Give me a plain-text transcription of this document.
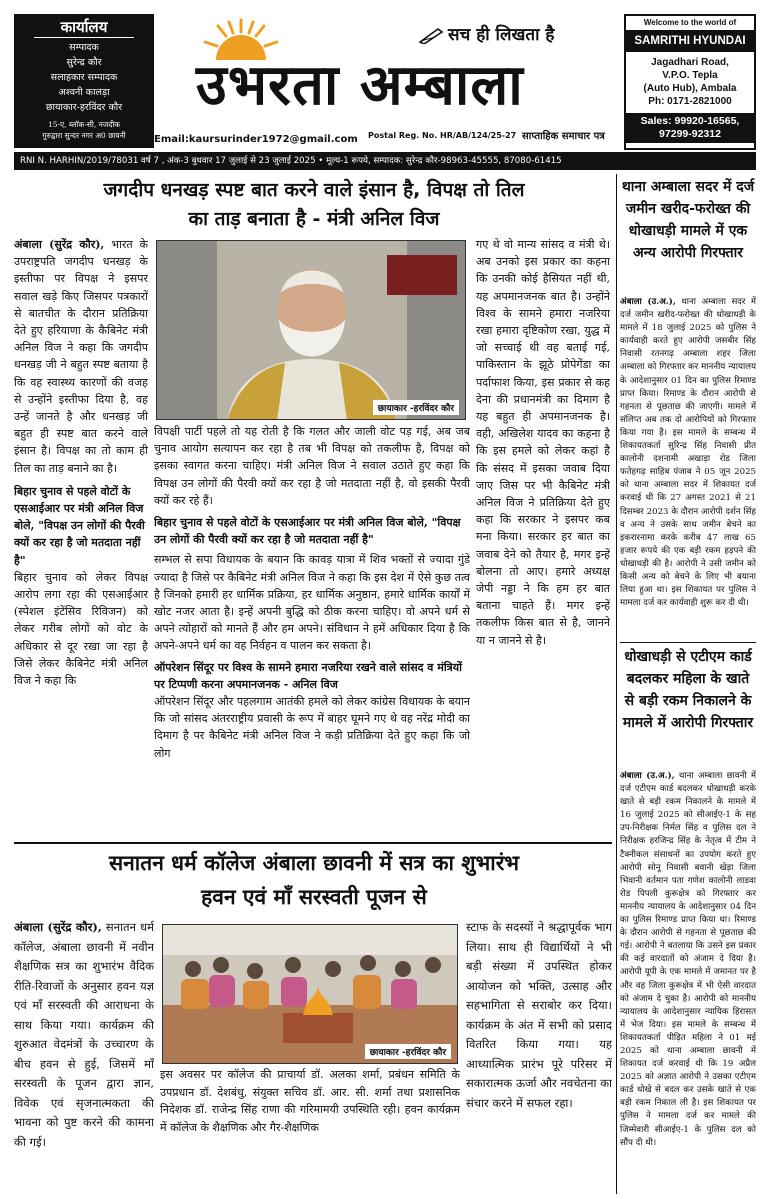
कार्यालय
सम्पादक
सुरेन्द्र कौर
सलाहकार सम्पादक
अश्वनी कालड़ा
छायाकार-हरविंदर कौर
15-ए, ब्लॉक-सी, नजदीक
गुरुद्वारा सुन्दर नगर अ0 छावनी
सच ही लिखता है
उभरता अम्बाला
Email:kaursurinder1972@gmail.com Postal Reg. No. HR/AB/124/25-27 साप्ताहिक समाचार पत्र
Welcome to the world of
SAMRITHI HYUNDAI
Jagadhari Road,
V.P.O. Tepla
(Auto Hub), Ambala
Ph: 0171-2821000
Sales: 99920-16565,
97299-92312
RNI N. HARHIN/2019/78031 वर्ष 7 , अंक-3 बुधवार 17 जुलाई से 23 जुलाई 2025 • मूल्य-1 रूपये, सम्पादक: सुरेन्द्र कौर-98963-45555, 87080-61415
जगदीप धनखड़ स्पष्ट बात करने वाले इंसान है, विपक्ष तो तिल
का ताड़ बनाता है - मंत्री अनिल विज
अंबाला (सुरेंद्र कौर), भारत के उपराष्ट्रपति जगदीप धनखड़ के इस्तीफा पर विपक्ष ने इसपर सवाल खड़े किए जिसपर पत्रकारों से बातचीत के दौरान प्रतिक्रिया देते हुए हरियाणा के कैबिनेट मंत्री अनिल विज ने कहा कि जगदीप धनखड़ जी ने बहुत स्पष्ट बताया है कि वह स्वास्थ्य कारणों की वजह से उन्होंने इस्तीफा दिया है, वह उन्हें जानते है और धनखड़ जी बहुत ही स्पष्ट बात करने वाले इंसान है। विपक्ष का तो काम ही तिल का ताड़ बनाने का है।
बिहार चुनाव से पहले वोटों के एसआईआर पर मंत्री अनिल विज बोले, "विपक्ष उन लोगों की पैरवी क्यों कर रहा है जो मतदाता नहीं है"
बिहार चुनाव को लेकर विपक्ष आरोप लगा रहा की एसआईआर (स्पेशल इंटेंसिव रिविजन) को लेकर गरीब लोगों को वोट के अधिकार से दूर रखा जा रहा है जिसे लेकर कैबिनेट मंत्री अनिल विज ने कहा कि
छायाकार -हरविंदर कौर
विपक्षी पार्टी पहले तो यह रोती है कि गलत और जाली वोट पड़ गई, अब जब चुनाव आयोग सत्यापन कर रहा है तब भी विपक्ष को तकलीफ है, विपक्ष को इसका स्वागत करना चाहिए। मंत्री अनिल विज ने सवाल उठाते हुए कहा कि विपक्ष उन लोगों की पैरवी क्यों कर रहा है जो मतदाता नहीं है, वो इसकी पैरवी क्यों कर रहे हैं।
बिहार चुनाव से पहले वोटों के एसआईआर पर मंत्री अनिल विज बोले, "विपक्ष उन लोगों की पैरवी क्यों कर रहा है जो मतदाता नहीं है"
सम्भल से सपा विधायक के बयान कि कावड़ यात्रा में शिव भक्तों से ज्यादा गुंडे ज्यादा है जिसे पर कैबिनेट मंत्री अनिल विज ने कहा कि इस देश में ऐसे कुछ तत्व है जिनको हमारी हर धार्मिक प्रक्रिया, हर धार्मिक अनुष्ठान, हमारे धार्मिक कार्यों में खोट नजर आता है। इन्हें अपनी बुद्धि को ठीक करना चाहिए। वो अपने धर्म से अपने त्योहारों को मानते हैं और हम अपने। संविधान ने हमें अधिकार दिया है कि अपने-अपने धर्म का वह निर्वहन व पालन कर सकता है।
ऑपरेशन सिंदूर पर विश्व के सामने हमारा नजरिया रखने वाले सांसद व मंत्रियों पर टिप्पणी करना अपमानजनक - अनिल विज
ऑपरेशन सिंदूर और पहलगाम आतंकी हमले को लेकर कांग्रेस विधायक के बयान कि जो सांसद अंतरराष्ट्रीय प्रवासी के रूप में बाहर घूमने गए थे वह नरेंद्र मोदी का दिमाग है पर कैबिनेट मंत्री अनिल विज ने कड़ी प्रतिक्रिया देते हुए कहा कि जो लोग
गए थे वो मान्य सांसद व मंत्री थे। अब उनको इस प्रकार का कहना कि उनकी कोई हैसियत नहीं थी, यह अपमानजनक बात है। उन्होंने विश्व के सामने हमारा नजरिया रखा हमारा दृष्टिकोण रखा, युद्ध में जो सच्चाई थी वह बताई गई, पाकिस्तान के झूठे प्रोपेगेंडा का पर्दाफाश किया, इस प्रकार से कह देना की प्रधानमंत्री का दिमाग है यह बहुत ही अपमानजनक है। वही, अखिलेश यादव का कहना है कि इस हमले को लेकर कहां है कि संसद में इसका जवाब दिया जाए जिस पर भी कैबिनेट मंत्री अनिल विज ने प्रतिक्रिया देते हुए कहा कि सरकार ने इसपर कब मना किया। सरकार हर बात का जवाब देने को तैयार है, मगर इन्हें बोलना तो आए। हमारे अध्यक्ष जेपी नड्डा ने कि हम हर बात बताना चाहते हैं। मगर इन्हें तकलीफ किस बात से है, जानने या न जानने से है।
सनातन धर्म कॉलेज अंबाला छावनी में सत्र का शुभारंभ
हवन एवं माँ सरस्वती पूजन से
अंबाला (सुरेंद्र कौर), सनातन धर्म कॉलेज, अंबाला छावनी में नवीन शैक्षणिक सत्र का शुभारंभ वैदिक रीति-रिवाजों के अनुसार हवन यज्ञ एवं माँ सरस्वती की आराधना के साथ किया गया। कार्यक्रम की शुरुआत वेदमंत्रों के उच्चारण के बीच हवन से हुई, जिसमें माँ सरस्वती के पूजन द्वारा ज्ञान, विवेक एवं सृजनात्मकता की भावना को पुष्ट करने की कामना की गई।
छायाकार -हरविंदर कौर
इस अवसर पर कॉलेज की प्राचार्या डॉ. अलका शर्मा, प्रबंधन समिति के उपप्रधान डॉ. देशबंधु, संयुक्त सचिव डॉ. आर. सी. शर्मा तथा प्रशासनिक निदेशक डॉ. राजेन्द्र सिंह राणा की गरिमामयी उपस्थिति रही। हवन कार्यक्रम में कॉलेज के शैक्षणिक और गैर-शैक्षणिक
स्टाफ के सदस्यों ने श्रद्धापूर्वक भाग लिया। साथ ही विद्यार्थियों ने भी बड़ी संख्या में उपस्थित होकर आयोजन को भक्ति, उत्साह और सहभागिता से सराबोर कर दिया। कार्यक्रम के अंत में सभी को प्रसाद वितरित किया गया। यह आध्यात्मिक प्रारंभ पूरे परिसर में सकारात्मक ऊर्जा और नवचेतना का संचार करने में सफल रहा।
थाना अम्बाला सदर में दर्ज जमीन खरीद-फरोख्त की धोखाधड़ी मामले में एक अन्य आरोपी गिरफ्तार
अंबाला (उ.अ.), थाना अम्बाला सदर में दर्ज जमीन खरीद-फरोख्त की धोखाधड़ी के मामले में 18 जुलाई 2025 को पुलिस ने कार्यवाही करते हुए आरोपी जसबीर सिंह निवासी रतनगढ़ अम्बाला शहर जिला अम्बाला को गिरफ्तार कर माननीय न्यायालय के आदेशानुसार 01 दिन का पुलिस रिमाण्ड प्राप्त किया। रिमाण्ड के दौरान आरोपी से गहनता से पूछताछ की जाएगी। मामले में संलिप्त अब तक दो आरोपियों को गिरफ्तार किया गया है। इस मामले के सम्बन्ध में शिकायतकर्ता सुरिन्द्र सिंह निवासी प्रीत कालोनी दशनामी अखाड़ा रोड जिला फतेहगढ़ साहिब पंजाब ने 05 जून 2025 को थाना अम्बाला सदर में शिकायत दर्ज करवाई थी कि 27 अगस्त 2021 से 21 दिसम्बर 2023 के दौरान आरोपी दर्शन सिंह व अन्य ने उसके साथ जमीन बेचने का इकरारनामा करके करीब 47 लाख 65 हजार रूपये की एक बड़ी रकम हड़पने की धोखाधड़ी की है। आरोपी ने उसी जमीन को किसी अन्य को बेचने के लिए भी बयाना लिया हुआ था। इस शिकायत पर पुलिस ने मामला दर्ज कर कार्यवाही शुरू कर दी थी।
धोखाधड़ी से एटीएम कार्ड बदलकर महिला के खाते से बड़ी रकम निकालने के मामले में आरोपी गिरफ्तार
अंबाला (उ.अ.), थाना अम्बाला छावनी में दर्ज एटीएम कार्ड बदलकर धोखाधड़ी करके खाते से बड़ी रकम निकालने के मामले में 16 जुलाई 2025 को सीआईए-1 के सह उप-निरीक्षक निर्मल सिंह व पुलिस दल ने निरीक्षक हरजिन्द्र सिंह के नेतृत्व में टीम ने टैक्नीकल संसाधनों का उपयोग करते हुए आरोपी सोनू निवासी बवानी खेड़ा जिला भिवानी वर्तमान पता गणेश कालोनी लाडवा रोड पिपली कुरूक्षेत्र को गिरफ्तार कर माननीय न्यायालय के आदेशानुसार 04 दिन का पुलिस रिमाण्ड प्राप्त किया था। रिमाण्ड के दौरान आरोपी से गहनता से पूछताछ की गई। आरोपी ने बतलाया कि उसने इस प्रकार की कई वारदातों को अंजाम दे दिया है। आरोपी यूपी के एक मामले में जमानत पर है और वह जिला कुरूक्षेत्र में भी ऐसी वारदात को अंजाम दे चुका है। आरोपी को माननीय न्यायालय के आदेशानुसार न्यायिक हिरासत में भेज दिया। इस मामले के सम्बन्ध में शिकायतकर्ता पीड़ित महिला ने 01 मई 2025 को थाना अम्बाला छावनी में शिकायत दर्ज करवाई थी कि 19 अप्रैल 2025 को अज्ञात आरोपी ने उसका एटीएम कार्ड धोखे से बदल कर उसके खाते से एक बड़ी रकम निकाल ली है। इस शिकायत पर पुलिस ने मामला दर्ज कर मामले की जिम्मेवारी सीआईए-1 के पुलिस दल को सौंप दी थी।
